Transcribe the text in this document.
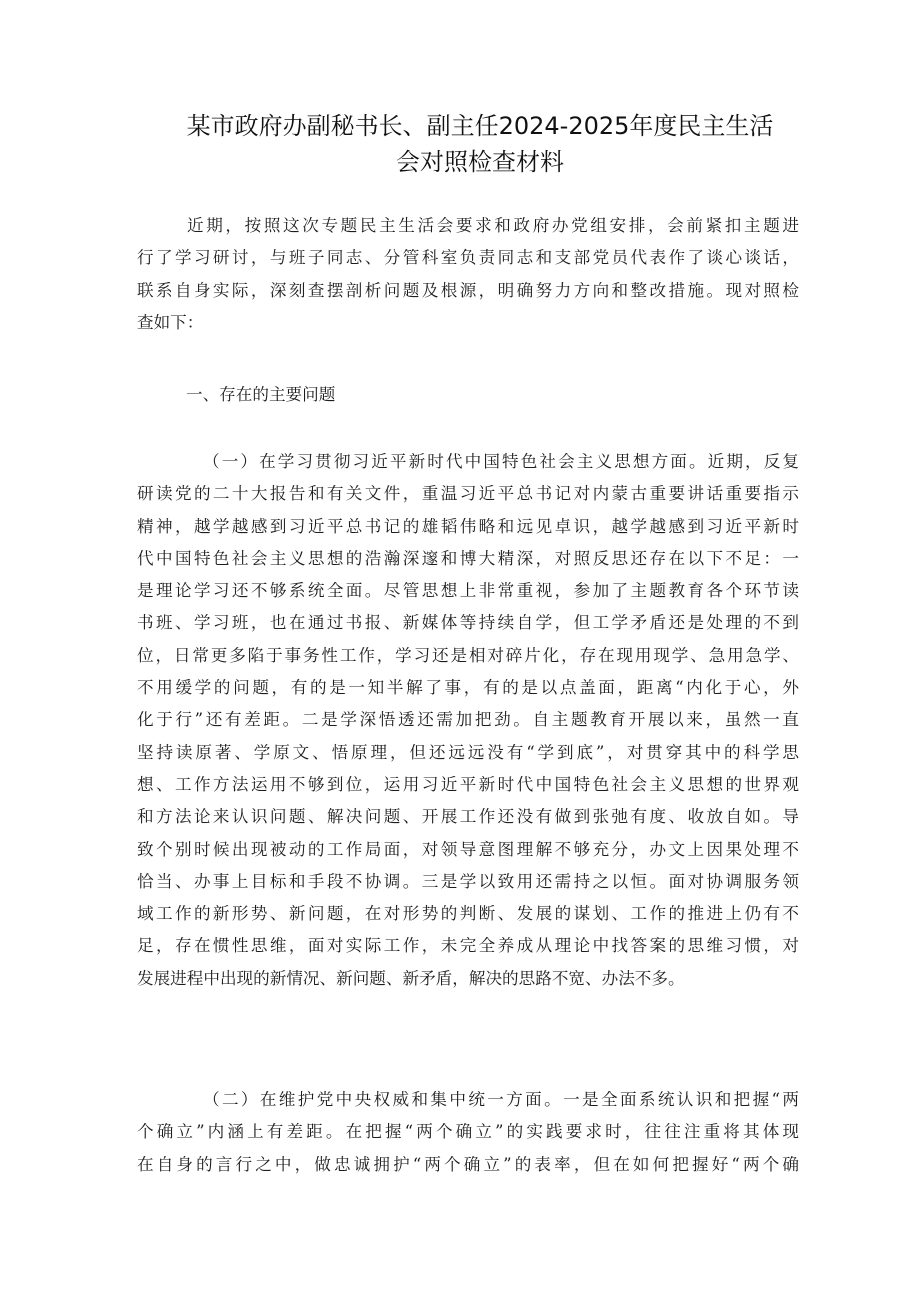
某市政府办副秘书长、副主任2024-2025年度民主生活
会对照检查材料
近期，按照这次专题民主生活会要求和政府办党组安排，会前紧扣主题进
行了学习研讨，与班子同志、分管科室负责同志和支部党员代表作了谈心谈话，
联系自身实际，深刻查摆剖析问题及根源，明确努力方向和整改措施。现对照检
查如下：
一、存在的主要问题
（一）在学习贯彻习近平新时代中国特色社会主义思想方面。近期，反复
研读党的二十大报告和有关文件，重温习近平总书记对内蒙古重要讲话重要指示
精神，越学越感到习近平总书记的雄韬伟略和远见卓识，越学越感到习近平新时
代中国特色社会主义思想的浩瀚深邃和博大精深，对照反思还存在以下不足：一
是理论学习还不够系统全面。尽管思想上非常重视，参加了主题教育各个环节读
书班、学习班，也在通过书报、新媒体等持续自学，但工学矛盾还是处理的不到
位，日常更多陷于事务性工作，学习还是相对碎片化，存在现用现学、急用急学、
不用缓学的问题，有的是一知半解了事，有的是以点盖面，距离“内化于心，外
化于行”还有差距。二是学深悟透还需加把劲。自主题教育开展以来，虽然一直
坚持读原著、学原文、悟原理，但还远远没有“学到底”，对贯穿其中的科学思
想、工作方法运用不够到位，运用习近平新时代中国特色社会主义思想的世界观
和方法论来认识问题、解决问题、开展工作还没有做到张弛有度、收放自如。导
致个别时候出现被动的工作局面，对领导意图理解不够充分，办文上因果处理不
恰当、办事上目标和手段不协调。三是学以致用还需持之以恒。面对协调服务领
域工作的新形势、新问题，在对形势的判断、发展的谋划、工作的推进上仍有不
足，存在惯性思维，面对实际工作，未完全养成从理论中找答案的思维习惯，对
发展进程中出现的新情况、新问题、新矛盾，解决的思路不宽、办法不多。
（二）在维护党中央权威和集中统一方面。一是全面系统认识和把握“两
个确立”内涵上有差距。在把握“两个确立”的实践要求时，往往注重将其体现
在自身的言行之中，做忠诚拥护“两个确立”的表率，但在如何把握好“两个确
